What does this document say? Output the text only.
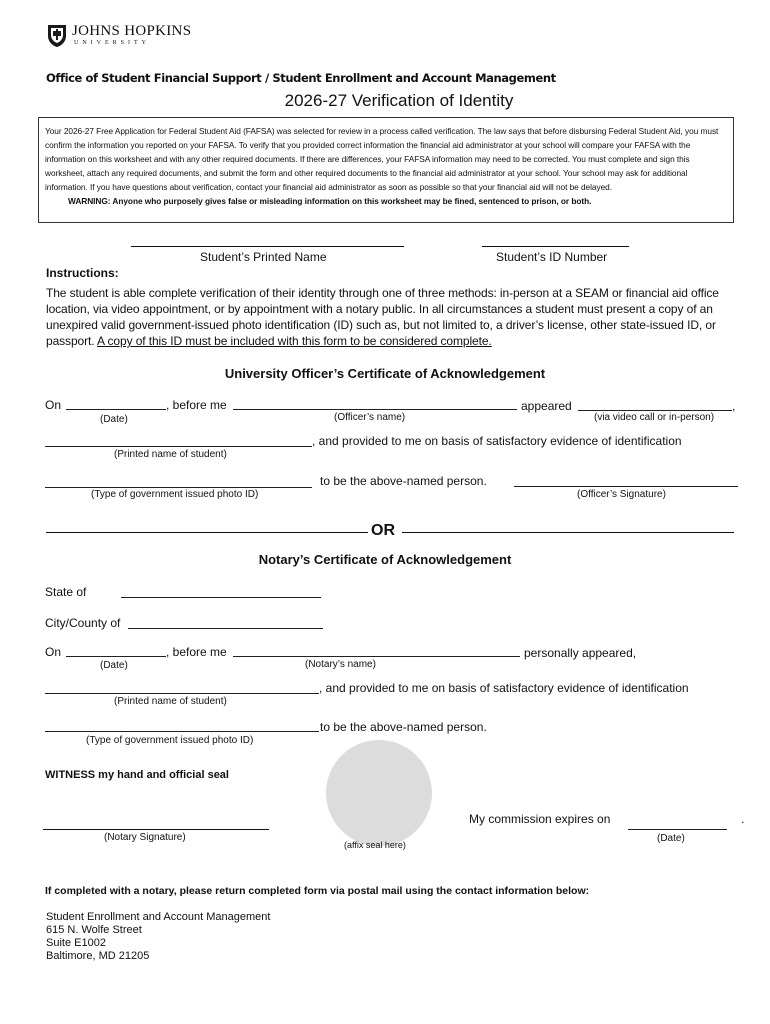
JOHNS HOPKINS
UNIVERSITY
Office of Student Financial Support / Student Enrollment and Account Management
2026-27 Verification of Identity

Your 2026-27 Free Application for Federal Student Aid (FAFSA) was selected for review in a process called verification. The law says that before disbursing Federal Student Aid, you must confirm the information you reported on your FAFSA. To verify that you provided correct information the financial aid administrator at your school will compare your FAFSA with the information on this worksheet and with any other required documents. If there are differences, your FAFSA information may need to be corrected. You must complete and sign this worksheet, attach any required documents, and submit the form and other required documents to the financial aid administrator at your school. Your school may ask for additional information. If you have questions about verification, contact your financial aid administrator as soon as possible so that your financial aid will not be delayed.

WARNING: Anyone who purposely gives false or misleading information on this worksheet may be fined, sentenced to prison, or both.

Student’s Printed Name	Student’s ID Number
Instructions:
The student is able complete verification of their identity through one of three methods: in-person at a SEAM or financial aid office location, via video appointment, or by appointment with a notary public. In all circumstances a student must present a copy of an unexpired valid government-issued photo identification (ID) such as, but not limited to, a driver’s license, other state-issued ID, or passport. A copy of this ID must be included with this form to be considered complete.
University Officer’s Certificate of Acknowledgement
On	, before me	appeared	,
(Date)	(Officer’s name)	(via video call or in-person)
, and provided to me on basis of satisfactory evidence of identification
(Printed name of student)
to be the above-named person.
(Type of government issued photo ID)	(Officer’s Signature)
OR
Notary’s Certificate of Acknowledgement
State of
City/County of
On	, before me	personally appeared,
(Date)	(Notary’s name)
, and provided to me on basis of satisfactory evidence of identification
(Printed name of student)
to be the above-named person.
(Type of government issued photo ID)
WITNESS my hand and official seal
My commission expires on	.
(Notary Signature)
(affix seal here)
(Date)
If completed with a notary, please return completed form via postal mail using the contact information below:
Student Enrollment and Account Management
615 N. Wolfe Street
Suite E1002
Baltimore, MD 21205
